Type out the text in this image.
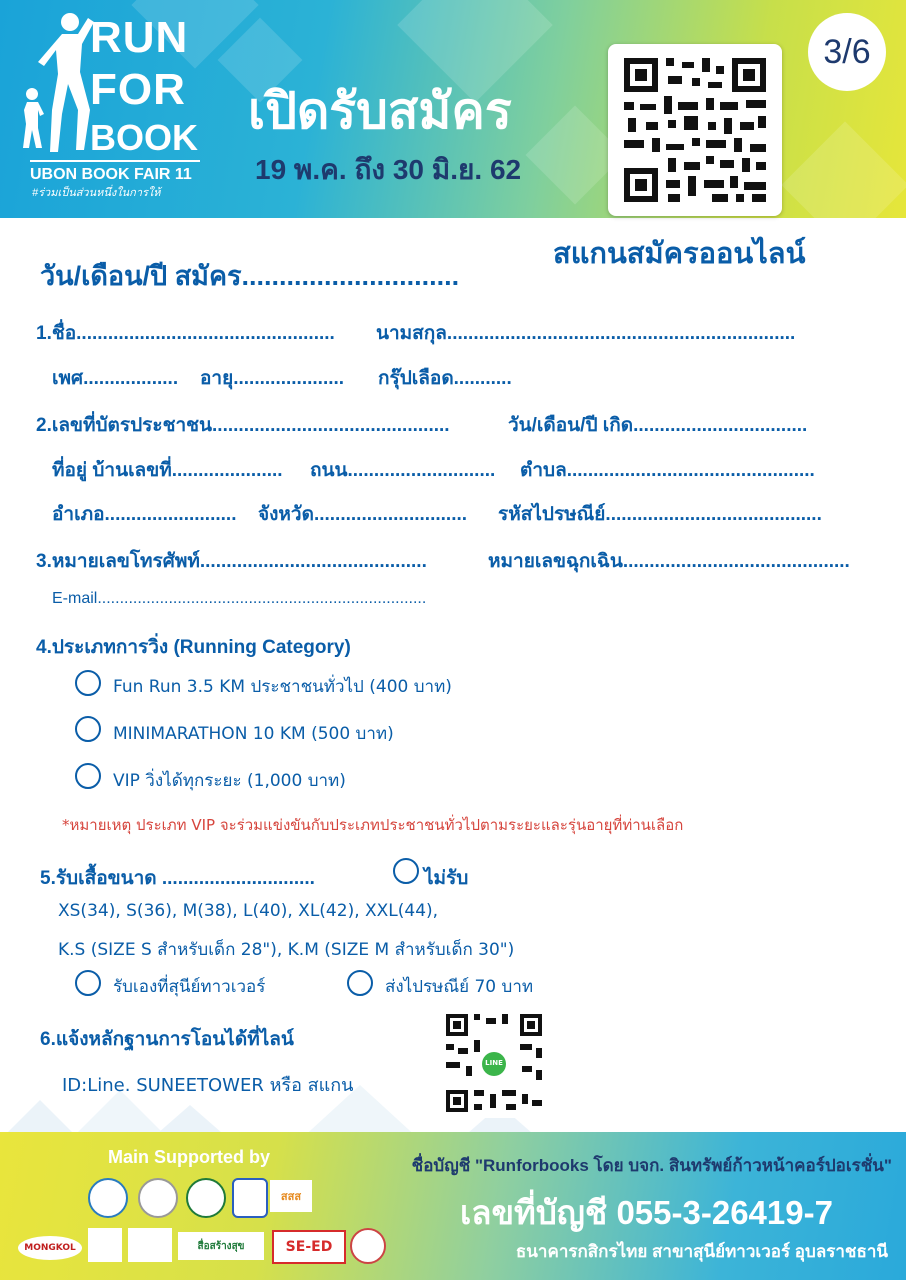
RUN
FOR
BOOK
UBON BOOK FAIR 11
#ร่วมเป็นส่วนหนึ่งในการให้
เปิดรับสมัคร
19 พ.ค. ถึง 30 มิ.ย. 62
3/6
สแกนสมัครออนไลน์
วัน/เดือน/ปี สมัคร.............................
1.ชื่อ................................................. นามสกุล..................................................................
เพศ.................. อายุ..................... กรุ๊ปเลือด...........
2.เลขที่บัตรประชาชน.............................................	วัน/เดือน/ปี เกิด.................................
ที่อยู่ บ้านเลขที่..................... ถนน............................ ตำบล...............................................
อำเภอ......................... จังหวัด............................. รหัสไปรษณีย์.........................................
3.หมายเลขโทรศัพท์...........................................	หมายเลขฉุกเฉิน...........................................
E-mail..........................................................................
4.ประเภทการวิ่ง (Running Category)
Fun Run 3.5 KM ประชาชนทั่วไป (400 บาท)
MINIMARATHON 10 KM (500 บาท)
VIP วิ่งได้ทุกระยะ (1,000 บาท)
*หมายเหตุ ประเภท VIP จะร่วมแข่งขันกับประเภทประชาชนทั่วไปตามระยะและรุ่นอายุที่ท่านเลือก
5.รับเสื้อขนาด .............................	ไม่รับ
XS(34), S(36), M(38), L(40), XL(42), XXL(44),
K.S (SIZE S สำหรับเด็ก 28"), K.M (SIZE M สำหรับเด็ก 30")
รับเองที่สุนีย์ทาวเวอร์	ส่งไปรษณีย์ 70 บาท
6.แจ้งหลักฐานการโอนได้ที่ไลน์
ID:Line. SUNEETOWER หรือ สแกน
LINE
Main Supported by
สสส
MONGKOL	สื่อสร้างสุข	SE-ED
ชื่อบัญชี "Runforbooks โดย บจก. สินทรัพย์ก้าวหน้าคอร์ปอเรชั่น"
เลขที่บัญชี 055-3-26419-7
ธนาคารกสิกรไทย สาขาสุนีย์ทาวเวอร์ อุบลราชธานี
